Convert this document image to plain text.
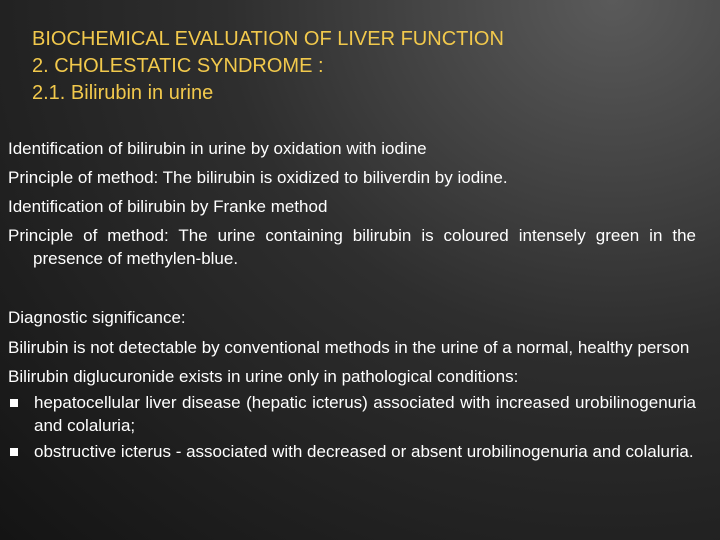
BIOCHEMICAL EVALUATION OF LIVER FUNCTION
2. CHOLESTATIC SYNDROME :
2.1. Bilirubin in urine

Identification of bilirubin in urine by oxidation with iodine

Principle of method: The bilirubin is oxidized to biliverdin by iodine.

Identification of bilirubin by Franke method

Principle of method: The urine containing bilirubin is coloured intensely green in the presence of methylen-blue.

Diagnostic significance:

Bilirubin is not detectable by conventional methods in the urine of a normal, healthy person

Bilirubin diglucuronide exists in urine only in pathological conditions:

hepatocellular liver disease (hepatic icterus) associated with increased urobilinogenuria and colaluria;
obstructive icterus - associated with decreased or absent urobilinogenuria and colaluria.
